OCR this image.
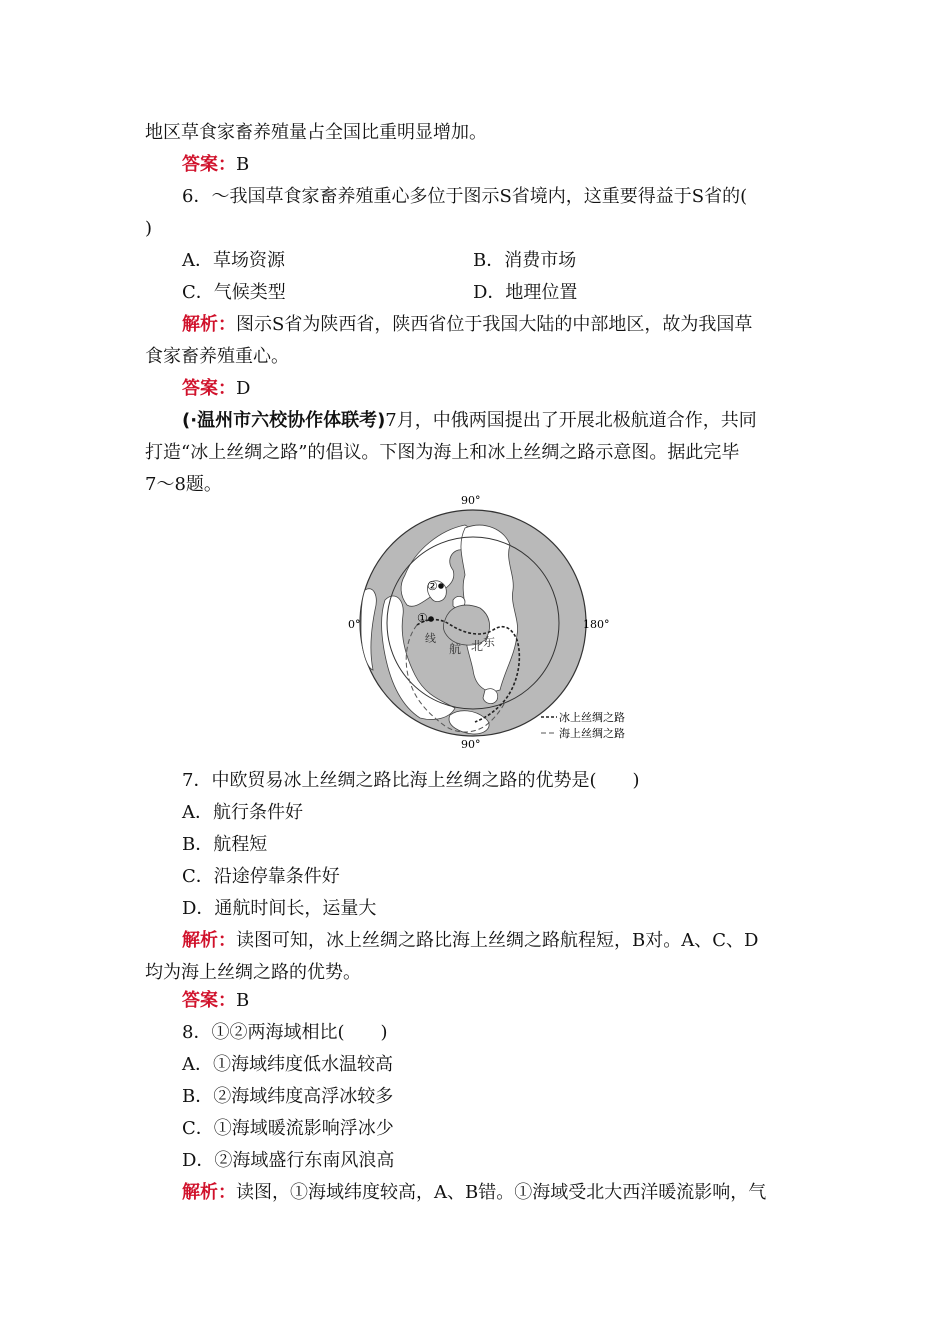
地区草食家畜养殖量占全国比重明显增加。
答案：B
6．～我国草食家畜养殖重心多位于图示S省境内，这重要得益于S省的(
)
A．草场资源	B．消费市场
C．气候类型	D．地理位置
解析：图示S省为陕西省，陕西省位于我国大陆的中部地区，故为我国草
食家畜养殖重心。
答案：D
(·温州市六校协作体联考)7月，中俄两国提出了开展北极航道合作，共同
打造“冰上丝绸之路”的倡议。下图为海上和冰上丝绸之路示意图。据此完毕
7～8题。
①
②
线
航 北 东
90°
90°
0°	180°
冰上丝绸之路
海上丝绸之路
7．中欧贸易冰上丝绸之路比海上丝绸之路的优势是(　　)
A．航行条件好
B．航程短
C．沿途停靠条件好
D．通航时间长，运量大
解析：读图可知，冰上丝绸之路比海上丝绸之路航程短，B对。A、C、D
均为海上丝绸之路的优势。
答案：B
8．①②两海域相比(　　)
A．①海域纬度低水温较高
B．②海域纬度高浮冰较多
C．①海域暖流影响浮冰少
D．②海域盛行东南风浪高
解析：读图，①海域纬度较高，A、B错。①海域受北大西洋暖流影响，气
